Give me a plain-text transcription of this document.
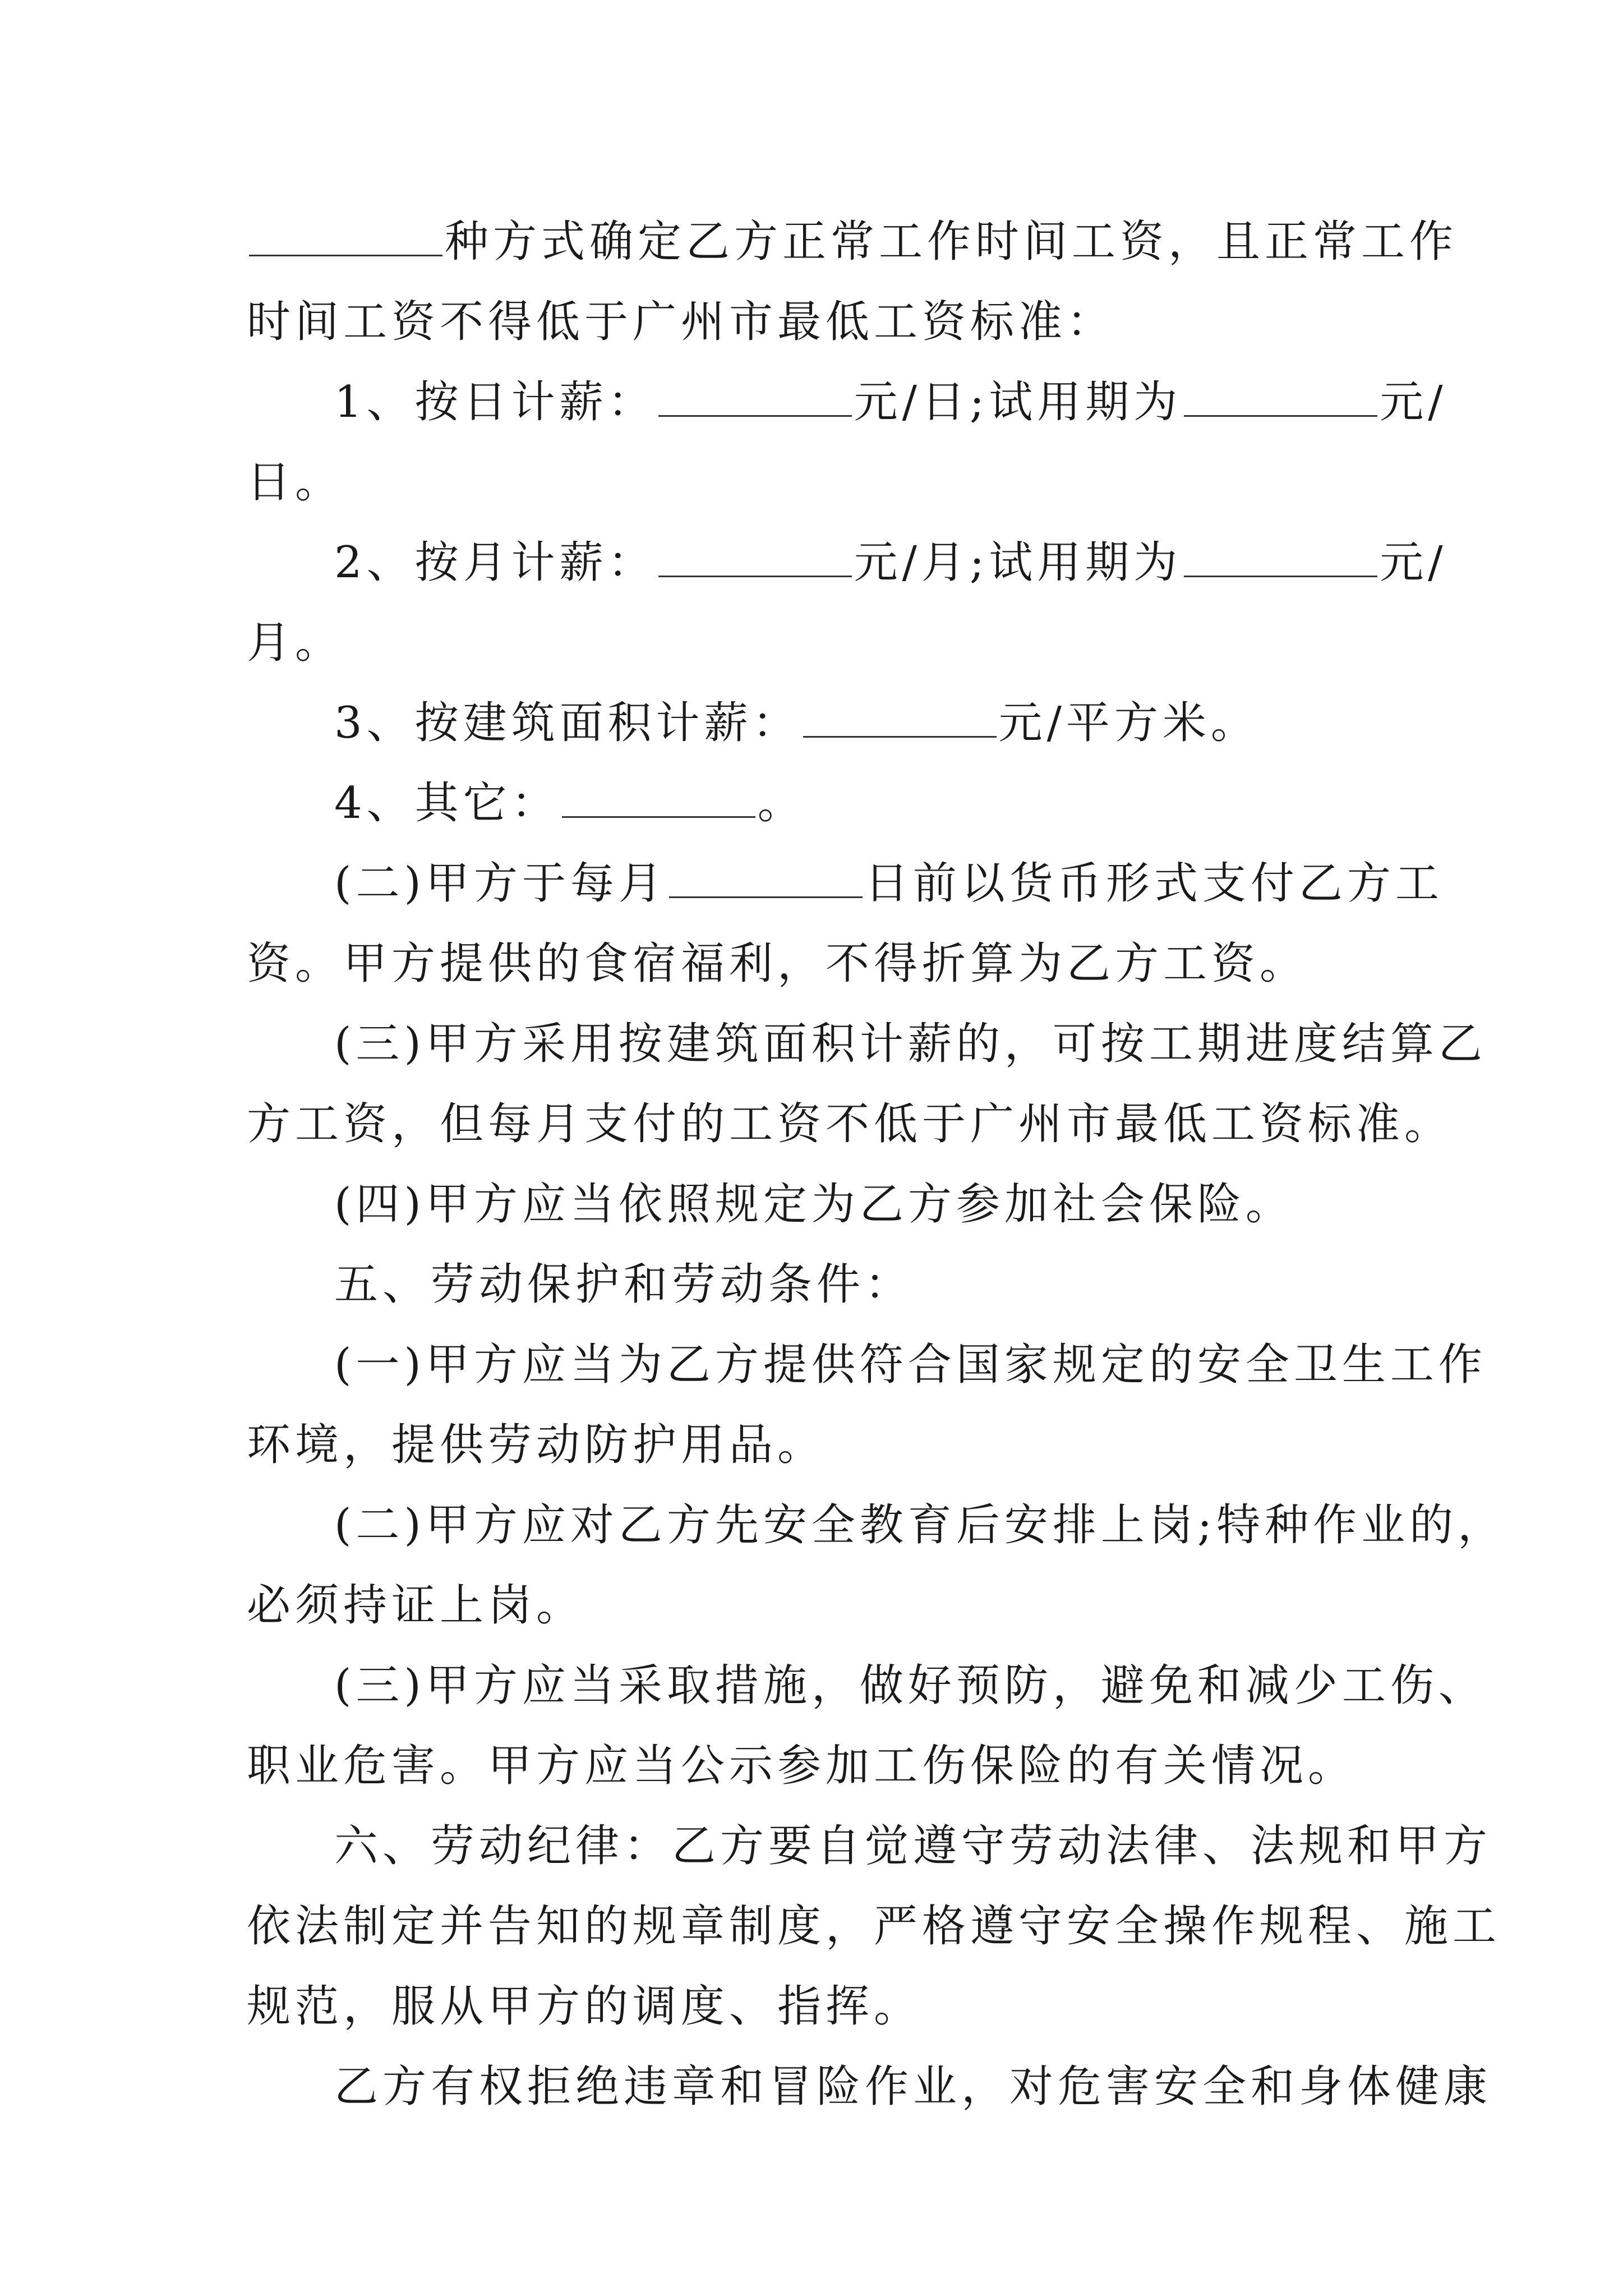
种方式确定乙方正常工作时间工资，且正常工作
时间工资不得低于广州市最低工资标准：
1、按日计薪：	元/日;试用期为	元/
日。
2、按月计薪：	元/月;试用期为	元/
月。
3、按建筑面积计薪：	元/平方米。
4、其它：	。
(二)甲方于每月	日前以货币形式支付乙方工
资。甲方提供的食宿福利，不得折算为乙方工资。
(三)甲方采用按建筑面积计薪的，可按工期进度结算乙
方工资，但每月支付的工资不低于广州市最低工资标准。
(四)甲方应当依照规定为乙方参加社会保险。
五、劳动保护和劳动条件：
(一)甲方应当为乙方提供符合国家规定的安全卫生工作
环境，提供劳动防护用品。
(二)甲方应对乙方先安全教育后安排上岗;特种作业的，
必须持证上岗。
(三)甲方应当采取措施，做好预防，避免和减少工伤、
职业危害。甲方应当公示参加工伤保险的有关情况。
六、劳动纪律：乙方要自觉遵守劳动法律、法规和甲方
依法制定并告知的规章制度，严格遵守安全操作规程、施工
规范，服从甲方的调度、指挥。
乙方有权拒绝违章和冒险作业，对危害安全和身体健康
